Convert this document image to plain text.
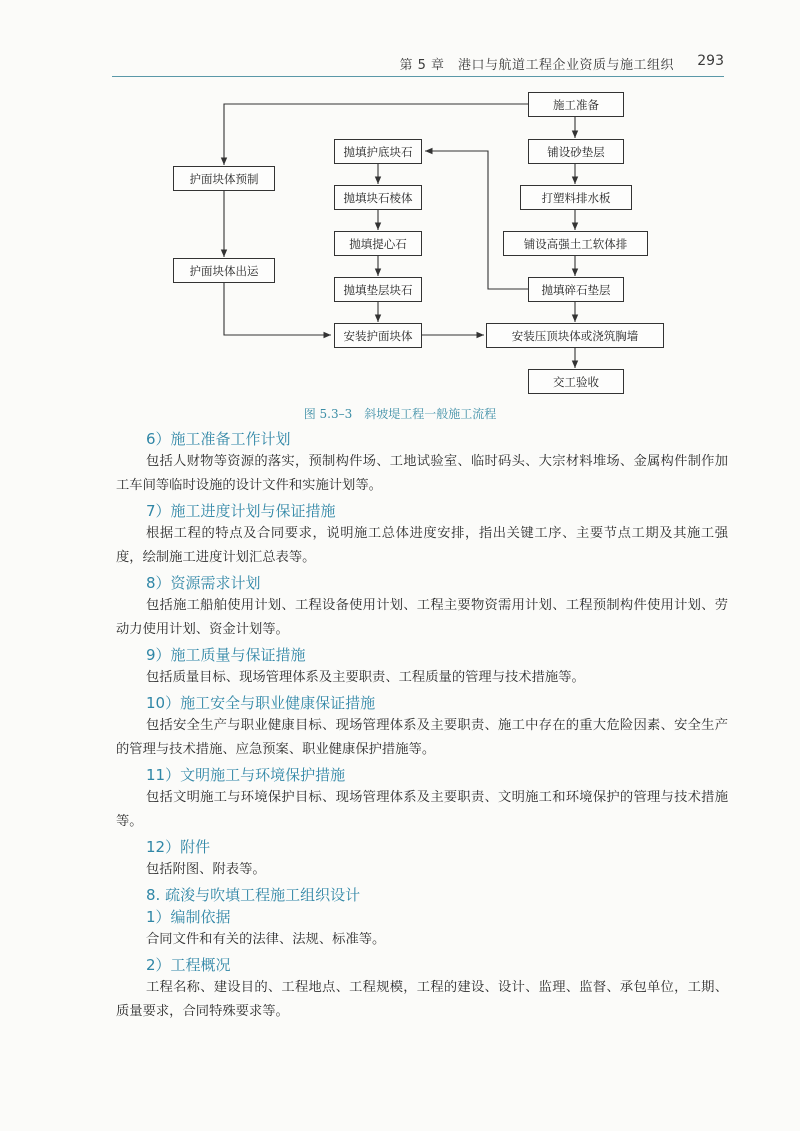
第 5 章　港口与航道工程企业资质与施工组织 293
施工准备
铺设砂垫层
打塑料排水板
铺设高强土工软体排
抛填碎石垫层
安装压顶块体或浇筑胸墙
交工验收
抛填护底块石
抛填块石棱体
抛填提心石
抛填垫层块石
安装护面块体
护面块体预制
护面块体出运
图 5.3–3　斜坡堤工程一般施工流程
6）施工准备工作计划

包括人财物等资源的落实，预制构件场、工地试验室、临时码头、大宗材料堆场、金属构件制作加工车间等临时设施的设计文件和实施计划等。

7）施工进度计划与保证措施

根据工程的特点及合同要求，说明施工总体进度安排，指出关键工序、主要节点工期及其施工强度，绘制施工进度计划汇总表等。

8）资源需求计划

包括施工船舶使用计划、工程设备使用计划、工程主要物资需用计划、工程预制构件使用计划、劳动力使用计划、资金计划等。

9）施工质量与保证措施

包括质量目标、现场管理体系及主要职责、工程质量的管理与技术措施等。

10）施工安全与职业健康保证措施

包括安全生产与职业健康目标、现场管理体系及主要职责、施工中存在的重大危险因素、安全生产的管理与技术措施、应急预案、职业健康保护措施等。

11）文明施工与环境保护措施

包括文明施工与环境保护目标、现场管理体系及主要职责、文明施工和环境保护的管理与技术措施等。

12）附件

包括附图、附表等。

8. 疏浚与吹填工程施工组织设计
1）编制依据

合同文件和有关的法律、法规、标准等。

2）工程概况

工程名称、建设目的、工程地点、工程规模，工程的建设、设计、监理、监督、承包单位，工期、质量要求，合同特殊要求等。
